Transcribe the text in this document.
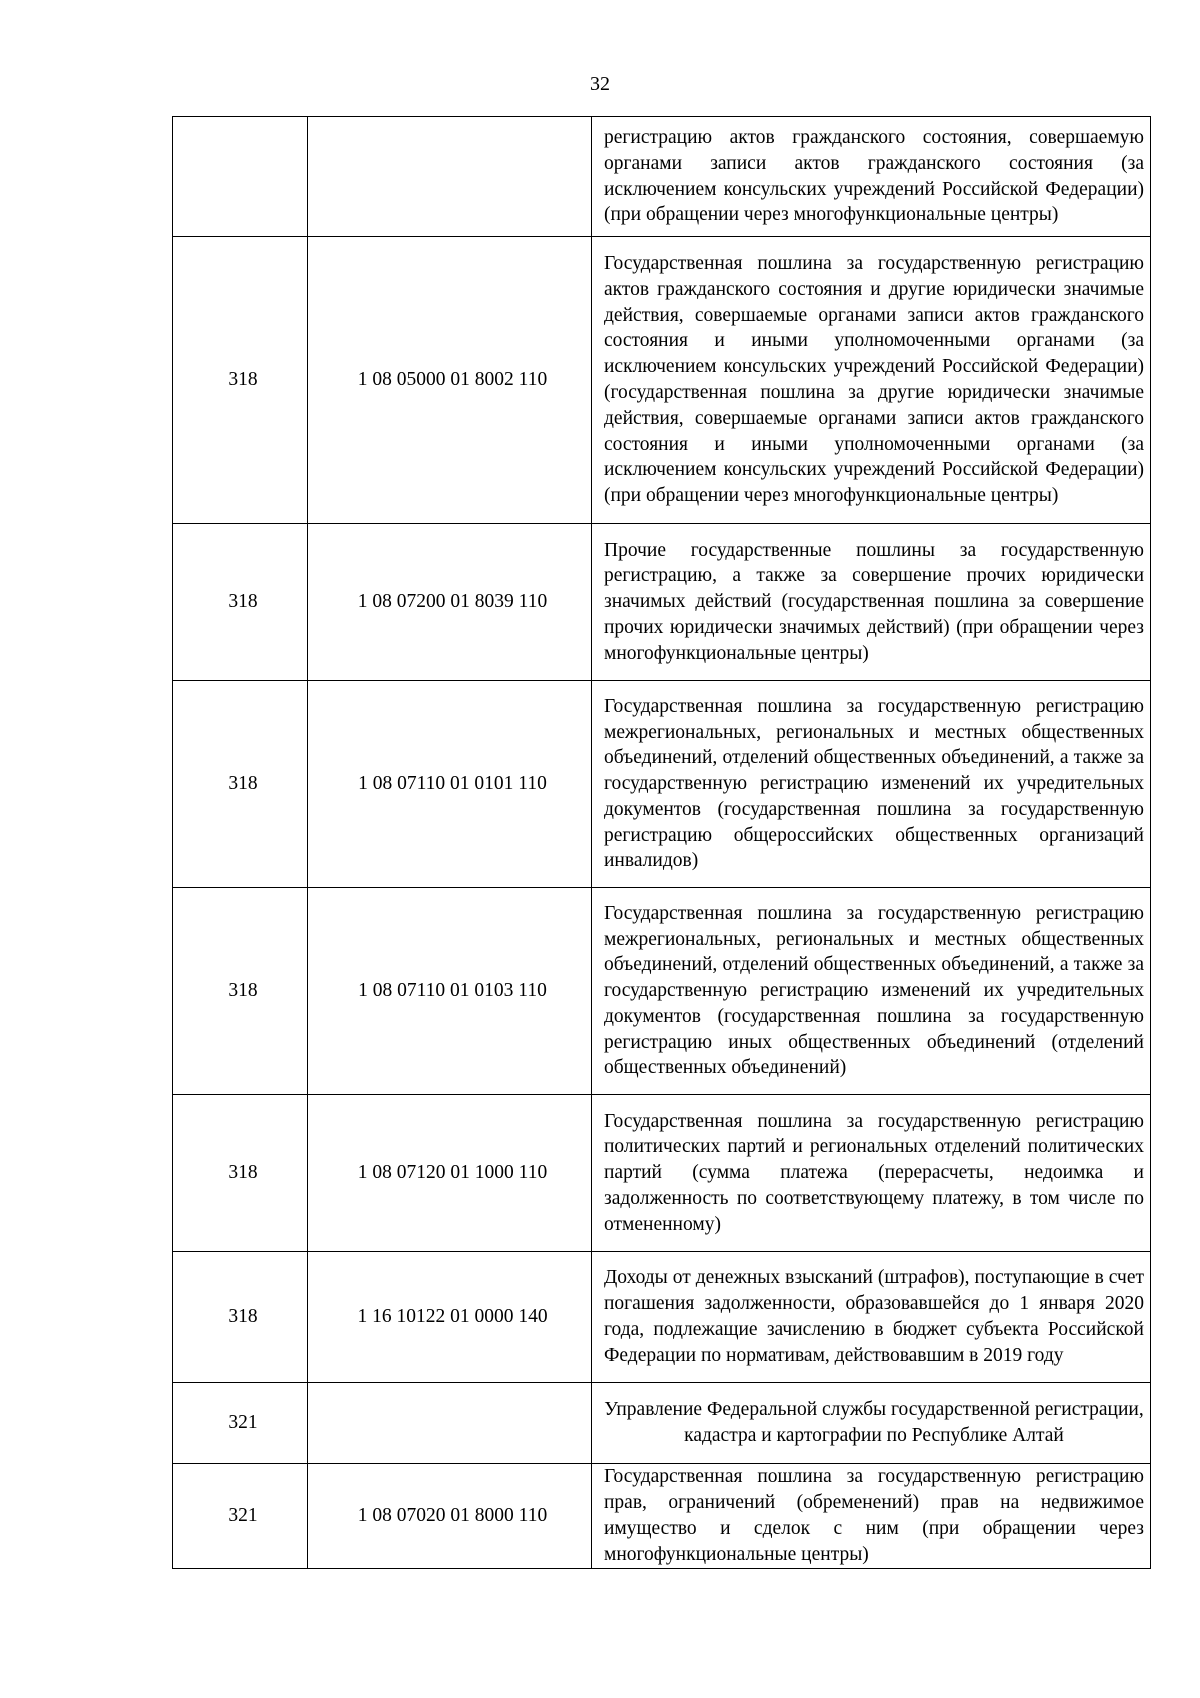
32
		регистрацию актов гражданского состояния, совершаемую органами записи актов гражданского состояния (за исключением консульских учреждений Российской Федерации) (при обращении через многофункциональные центры)
318	1 08 05000 01 8002 110	Государственная пошлина за государственную регистрацию актов гражданского состояния и другие юридически значимые действия, совершаемые органами записи актов гражданского состояния и иными уполномоченными органами (за исключением консульских учреждений Российской Федерации) (государственная пошлина за другие юридически значимые действия, совершаемые органами записи актов гражданского состояния и иными уполномоченными органами (за исключением консульских учреждений Российской Федерации) (при обращении через многофункциональные центры)
318	1 08 07200 01 8039 110	Прочие государственные пошлины за государственную регистрацию, а также за совершение прочих юридически значимых действий (государственная пошлина за совершение прочих юридически значимых действий) (при обращении через многофункциональные центры)
318	1 08 07110 01 0101 110	Государственная пошлина за государственную регистрацию межрегиональных, региональных и местных общественных объединений, отделений общественных объединений, а также за государственную регистрацию изменений их учредительных документов (государственная пошлина за государственную регистрацию общероссийских общественных организаций инвалидов)
318	1 08 07110 01 0103 110	Государственная пошлина за государственную регистрацию межрегиональных, региональных и местных общественных объединений, отделений общественных объединений, а также за государственную регистрацию изменений их учредительных документов (государственная пошлина за государственную регистрацию иных общественных объединений (отделений общественных объединений)
318	1 08 07120 01 1000 110	Государственная пошлина за государственную регистрацию политических партий и региональных отделений политических партий (сумма платежа (перерасчеты, недоимка и задолженность по соответствующему платежу, в том числе по отмененному)
318	1 16 10122 01 0000 140	Доходы от денежных взысканий (штрафов), поступающие в счет погашения задолженности, образовавшейся до 1 января 2020 года, подлежащие зачислению в бюджет субъекта Российской Федерации по нормативам, действовавшим в 2019 году
321		Управление Федеральной службы государственной регистрации, кадастра и картографии по Республике Алтай
321	1 08 07020 01 8000 110	Государственная пошлина за государственную регистрацию прав, ограничений (обременений) прав на недвижимое имущество и сделок с ним (при обращении через многофункциональные центры)
